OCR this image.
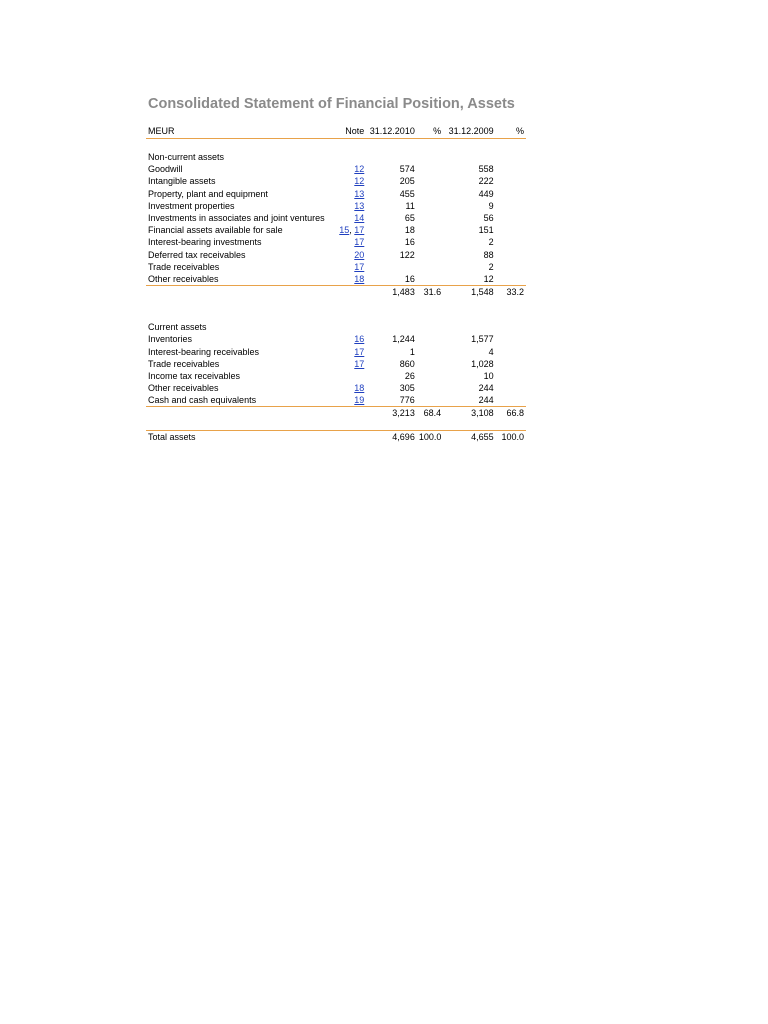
Consolidated Statement of Financial Position, Assets
MEUR	Note	31.12.2010	%	31.12.2009	%

Non-current assets					
Goodwill	12	574		558	
Intangible assets	12	205		222	
Property, plant and equipment	13	455		449	
Investment properties	13	11		9	
Investments in associates and joint ventures	14	65		56	
Financial assets available for sale	15, 17	18		151	
Interest-bearing investments	17	16		2	
Deferred tax receivables	20	122		88	
Trade receivables	17			2	
Other receivables	18	16		12	
		1,483	31.6	1,548	33.2

Current assets					
Inventories	16	1,244		1,577	
Interest-bearing receivables	17	1		4	
Trade receivables	17	860		1,028	
Income tax receivables		26		10	
Other receivables	18	305		244	
Cash and cash equivalents	19	776		244	
		3,213	68.4	3,108	66.8

Total assets		4,696	100.0	4,655	100.0
